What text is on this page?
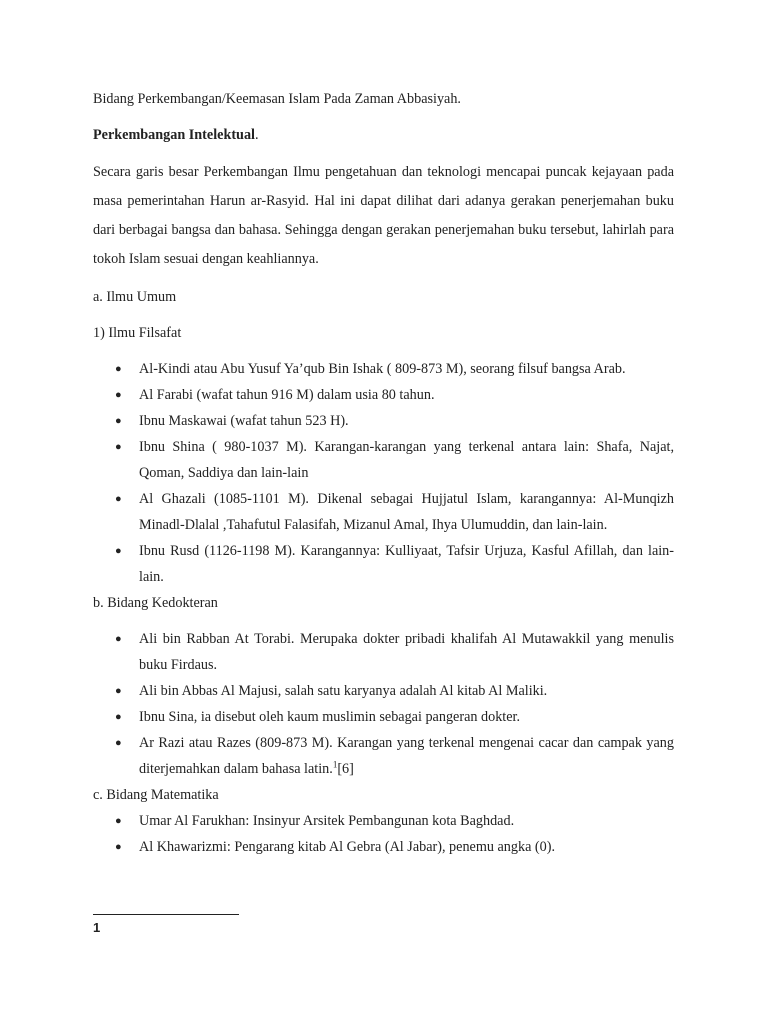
Bidang Perkembangan/Keemasan Islam Pada Zaman Abbasiyah.

Perkembangan Intelektual.

Secara garis besar Perkembangan Ilmu pengetahuan dan teknologi mencapai puncak kejayaan pada masa pemerintahan Harun ar-Rasyid. Hal ini dapat dilihat dari adanya gerakan penerjemahan buku dari berbagai bangsa dan bahasa. Sehingga dengan gerakan penerjemahan buku tersebut, lahirlah para tokoh Islam sesuai dengan keahliannya.

a. Ilmu Umum

1) Ilmu Filsafat

● Al-Kindi atau Abu Yusuf Ya’qub Bin Ishak ( 809-873 M), seorang filsuf bangsa Arab.
● Al Farabi (wafat tahun 916 M) dalam usia 80 tahun.
● Ibnu Maskawai (wafat tahun 523 H).
● Ibnu Shina ( 980-1037 M). Karangan-karangan yang terkenal antara lain: Shafa, Najat, Qoman, Saddiya dan lain-lain
● Al Ghazali (1085-1101 M). Dikenal sebagai Hujjatul Islam, karangannya: Al-Munqizh Minadl-Dlalal ,Tahafutul Falasifah, Mizanul Amal, Ihya Ulumuddin, dan lain-lain.
● Ibnu Rusd (1126-1198 M). Karangannya: Kulliyaat, Tafsir Urjuza, Kasful Afillah, dan lain-lain.

b. Bidang Kedokteran

● Ali bin Rabban At Torabi. Merupaka dokter pribadi khalifah Al Mutawakkil yang menulis buku Firdaus.
● Ali bin Abbas Al Majusi, salah satu karyanya adalah Al kitab Al Maliki.
● Ibnu Sina, ia disebut oleh kaum muslimin sebagai pangeran dokter.
● Ar Razi atau Razes (809-873 M). Karangan yang terkenal mengenai cacar dan campak yang diterjemahkan dalam bahasa latin.$^1$[6]

c. Bidang Matematika

● Umar Al Farukhan: Insinyur Arsitek Pembangunan kota Baghdad.
● Al Khawarizmi: Pengarang kitab Al Gebra (Al Jabar), penemu angka (0).
1
